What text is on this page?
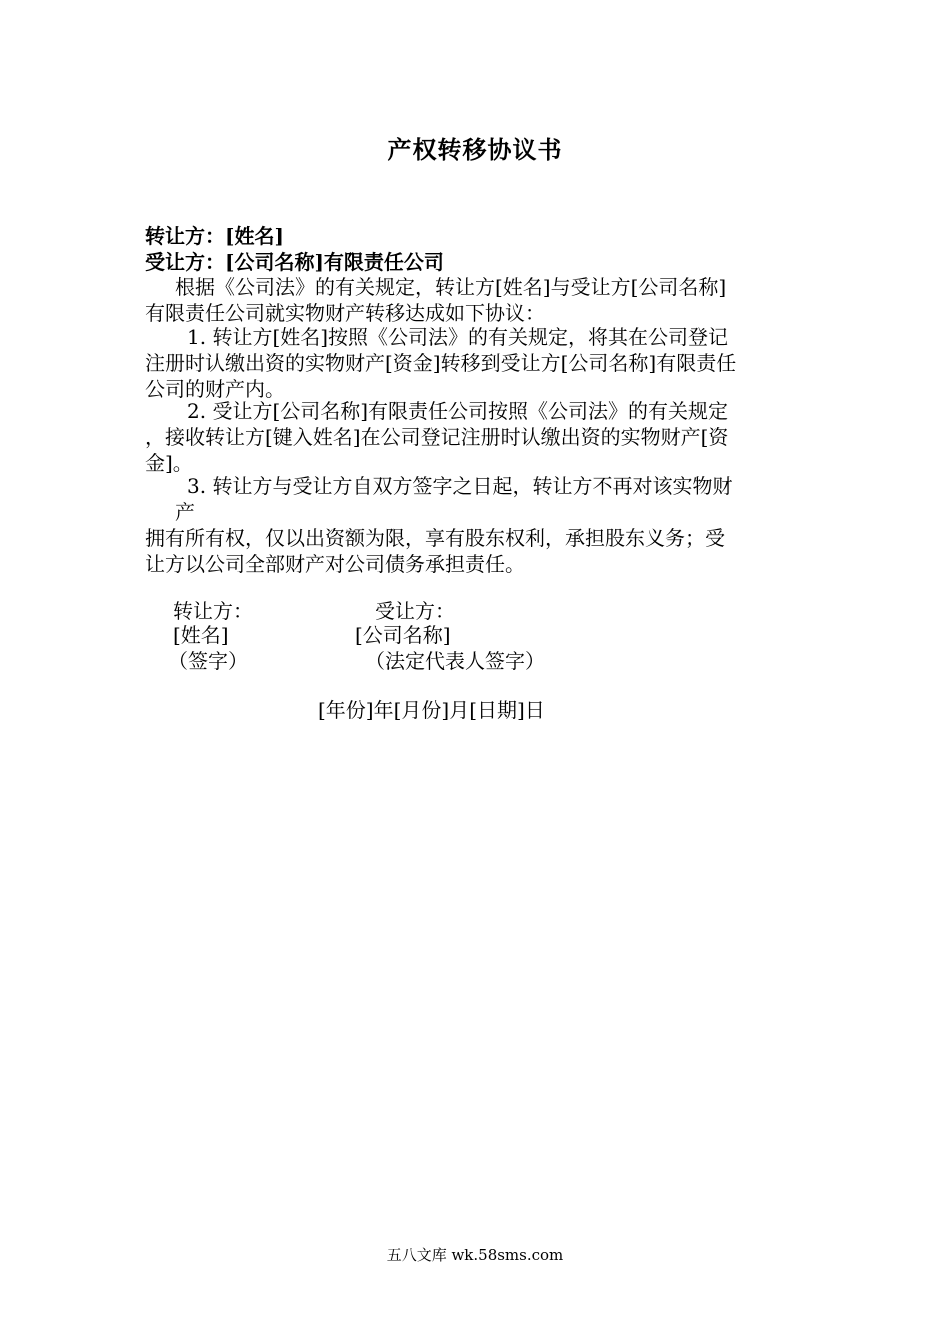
产权转移协议书
转让方：[姓名]
受让方：[公司名称]有限责任公司
根据《公司法》的有关规定，转让方[姓名]与受让方[公司名称]
有限责任公司就实物财产转移达成如下协议：
1. 转让方[姓名]按照《公司法》的有关规定，将其在公司登记
注册时认缴出资的实物财产[资金]转移到受让方[公司名称]有限责任
公司的财产内。
2. 受让方[公司名称]有限责任公司按照《公司法》的有关规定
，接收转让方[键入姓名]在公司登记注册时认缴出资的实物财产[资
金]。
3. 转让方与受让方自双方签字之日起，转让方不再对该实物财
产
拥有所有权，仅以出资额为限，享有股东权利，承担股东义务；受
让方以公司全部财产对公司债务承担责任。
转让方：	受让方：
[姓名]	[公司名称]
（签字）	（法定代表人签字）
[年份]年[月份]月[日期]日
五八文库 wk.58sms.com
